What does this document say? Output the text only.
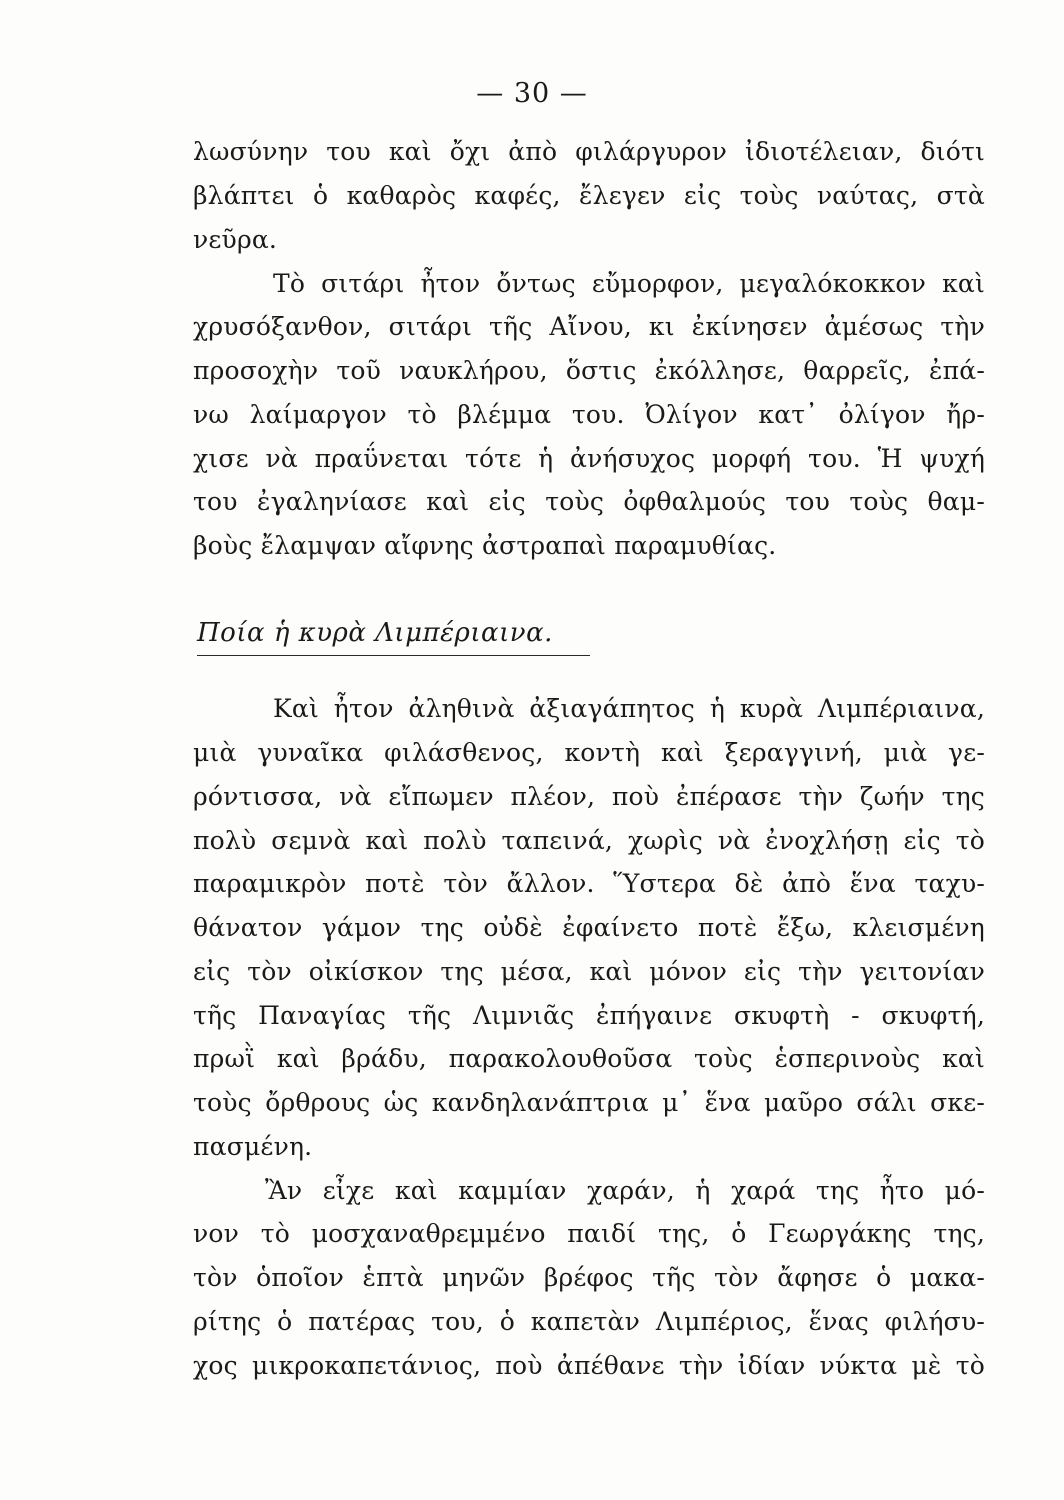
— 30 —
λωσύνην του καὶ ὄχι ἀπὸ φιλάργυρον ἰδιοτέλειαν, διότι
βλάπτει ὁ καθαρὸς καφές, ἔλεγεν εἰς τοὺς ναύτας, στὰ
νεῦρα.
Τὸ σιτάρι ἦτον ὄντως εὔμορφον, μεγαλόκοκκον καὶ
χρυσόξανθον, σιτάρι τῆς Αἴνου, κι ἐκίνησεν ἀμέσως τὴν
προσοχὴν τοῦ ναυκλήρου, ὅστις ἐκόλλησε, θαρρεῖς, ἐπά-
νω λαίμαργον τὸ βλέμμα του. Ὀλίγον κατ᾿ ὀλίγον ἤρ-
χισε νὰ πραΰνεται τότε ἡ ἀνήσυχος μορφή του. Ἡ ψυχή
του ἐγαληνίασε καὶ εἰς τοὺς ὀφθαλμούς του τοὺς θαμ-
βοὺς ἔλαμψαν αἴφνης ἀστραπαὶ παραμυθίας.
Ποία ἡ κυρὰ Λιμπέριαινα.
Καὶ ἦτον ἀληθινὰ ἀξιαγάπητος ἡ κυρὰ Λιμπέριαινα,
μιὰ γυναῖκα φιλάσθενος, κοντὴ καὶ ξεραγγινή, μιὰ γε-
ρόντισσα, νὰ εἴπωμεν πλέον, ποὺ ἐπέρασε τὴν ζωήν της
πολὺ σεμνὰ καὶ πολὺ ταπεινά, χωρὶς νὰ ἐνοχλήσῃ εἰς τὸ
παραμικρὸν ποτὲ τὸν ἄλλον. Ὕστερα δὲ ἀπὸ ἕνα ταχυ-
θάνατον γάμον της οὐδὲ ἐφαίνετο ποτὲ ἔξω, κλεισμένη
εἰς τὸν οἰκίσκον της μέσα, καὶ μόνον εἰς τὴν γειτονίαν
τῆς Παναγίας τῆς Λιμνιᾶς ἐπήγαινε σκυφτὴ - σκυφτή,
πρωῒ καὶ βράδυ, παρακολουθοῦσα τοὺς ἑσπερινοὺς καὶ
τοὺς ὄρθρους ὡς κανδηλανάπτρια μ᾿ ἕνα μαῦρο σάλι σκε-
πασμένη.
Ἂν εἶχε καὶ καμμίαν χαράν, ἡ χαρά της ἦτο μό-
νον τὸ μοσχαναθρεμμένο παιδί της, ὁ Γεωργάκης της,
τὸν ὁποῖον ἑπτὰ μηνῶν βρέφος τῆς τὸν ἄφησε ὁ μακα-
ρίτης ὁ πατέρας του, ὁ καπετὰν Λιμπέριος, ἕνας φιλήσυ-
χος μικροκαπετάνιος, ποὺ ἀπέθανε τὴν ἰδίαν νύκτα μὲ τὸ
